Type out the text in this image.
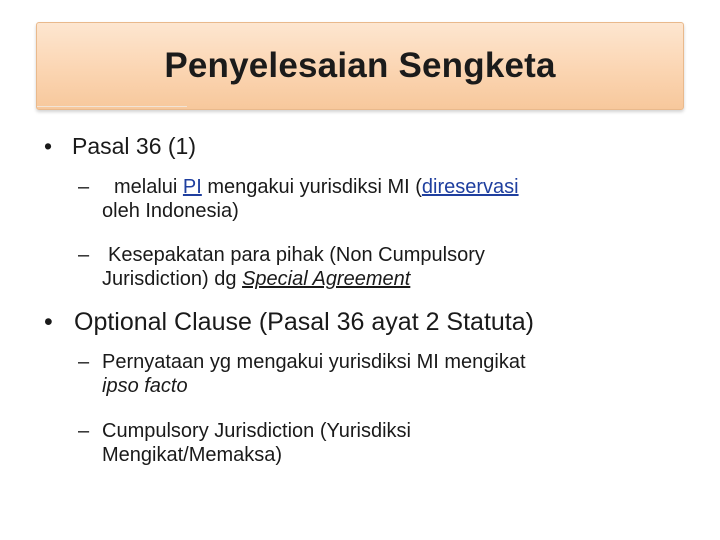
Penyelesaian Sengketa
• Pasal 36 (1)
–	melalui PI mengakui yurisdiksi MI (direservasi
oleh Indonesia)
– Kesepakatan para pihak (Non Cumpulsory
Jurisdiction) dg Special Agreement
• Optional Clause (Pasal 36 ayat 2 Statuta)
– Pernyataan yg mengakui yurisdiksi MI mengikat
ipso facto
– Cumpulsory Jurisdiction (Yurisdiksi
Mengikat/Memaksa)
